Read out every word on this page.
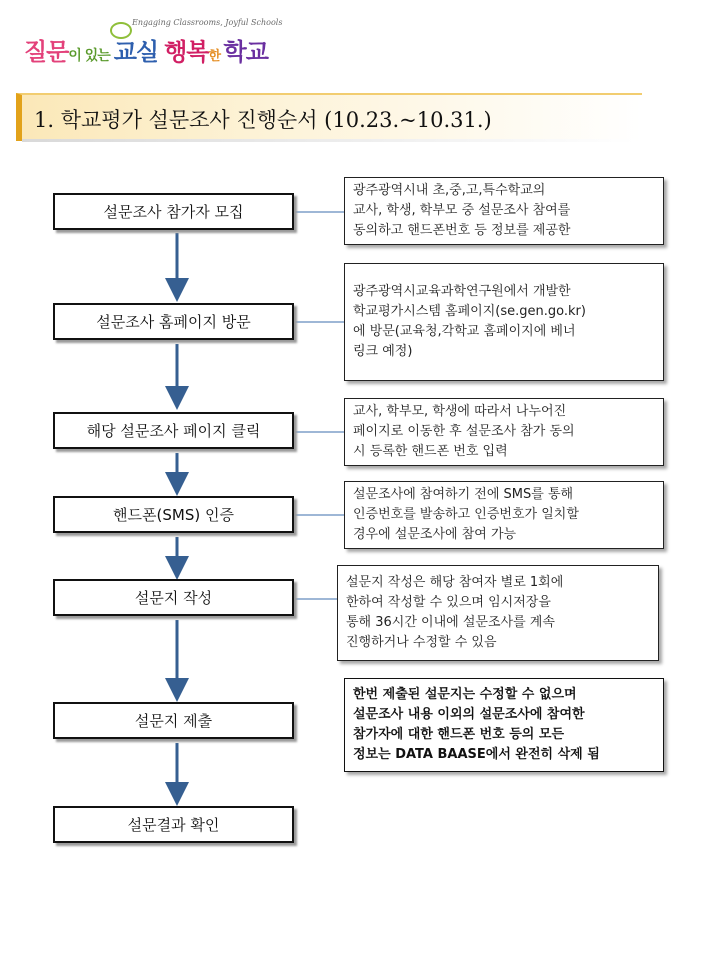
Engaging Classrooms, Joyful Schools
질문이 있는 교실 행복한 학교
1. 학교평가 설문조사 진행순서 (10.23.~10.31.)
설문조사 참가자 모집
설문조사 홈페이지 방문
해당 설문조사 페이지 클릭
핸드폰(SMS) 인증
설문지 작성
설문지 제출
설문결과 확인
광주광역시내 초,중,고,특수학교의
교사, 학생, 학부모 중 설문조사 참여를
동의하고 핸드폰번호 등 정보를 제공한
광주광역시교육과학연구원에서 개발한
학교평가시스템 홈페이지(se.gen.go.kr)
에 방문(교육청,각학교 홈페이지에 베너
링크 예정)
교사, 학부모, 학생에 따라서 나누어진
페이지로 이동한 후 설문조사 참가 동의
시 등록한 핸드폰 번호 입력
설문조사에 참여하기 전에 SMS를 통해
인증번호를 발송하고 인증번호가 일치할
경우에 설문조사에 참여 가능
설문지 작성은 해당 참여자 별로 1회에
한하여 작성할 수 있으며 임시저장을
통해 36시간 이내에 설문조사를 계속
진행하거나 수정할 수 있음
한번 제출된 설문지는 수정할 수 없으며
설문조사 내용 이외의 설문조사에 참여한
참가자에 대한 핸드폰 번호 등의 모든
정보는 DATA BAASE에서 완전히 삭제 됨
